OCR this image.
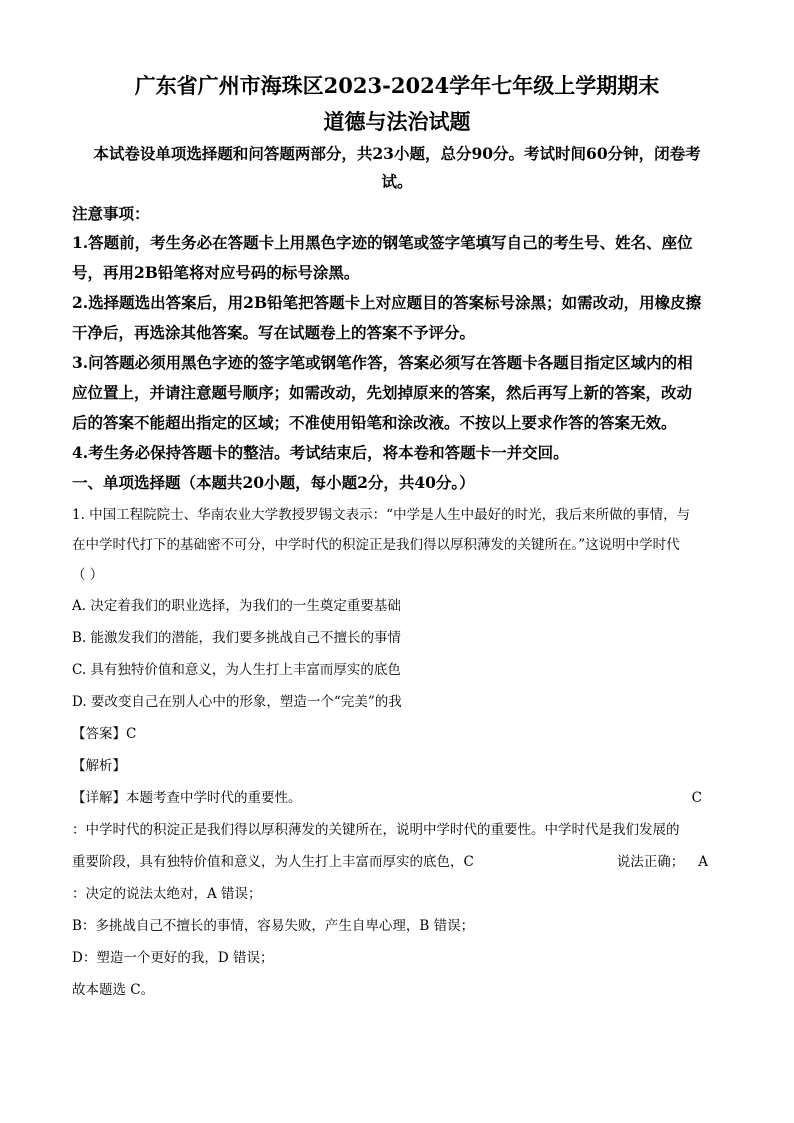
广东省广州市海珠区2023-2024学年七年级上学期期末
道德与法治试题
本试卷设单项选择题和问答题两部分，共23小题，总分90分。考试时间60分钟，闭卷考
试。
注意事项：
1.答题前，考生务必在答题卡上用黑色字迹的钢笔或签字笔填写自己的考生号、姓名、座位
号，再用2B铅笔将对应号码的标号涂黑。
2.选择题选出答案后，用2B铅笔把答题卡上对应题目的答案标号涂黑；如需改动，用橡皮擦
干净后，再选涂其他答案。写在试题卷上的答案不予评分。
3.问答题必须用黑色字迹的签字笔或钢笔作答，答案必须写在答题卡各题目指定区域内的相
应位置上，并请注意题号顺序；如需改动，先划掉原来的答案，然后再写上新的答案，改动
后的答案不能超出指定的区域；不准使用铅笔和涂改液。不按以上要求作答的答案无效。
4.考生务必保持答题卡的整洁。考试结束后，将本卷和答题卡一并交回。
一、单项选择题（本题共20小题，每小题2分，共40分。）
1. 中国工程院院士、华南农业大学教授罗锡文表示：“中学是人生中最好的时光，我后来所做的事情，与
在中学时代打下的基础密不可分，中学时代的积淀正是我们得以厚积薄发的关键所在。”这说明中学时代
（ ）
A. 决定着我们的职业选择，为我们的一生奠定重要基础
B. 能激发我们的潜能，我们要多挑战自己不擅长的事情
C. 具有独特价值和意义，为人生打上丰富而厚实的底色
D. 要改变自己在别人心中的形象，塑造一个“完美”的我
【答案】C
【解析】
【详解】本题考查中学时代的重要性。	C
：中学时代的积淀正是我们得以厚积薄发的关键所在，说明中学时代的重要性。中学时代是我们发展的
重要阶段，具有独特价值和意义，为人生打上丰富而厚实的底色，C	说法正确； A
：决定的说法太绝对，A 错误；
B：多挑战自己不擅长的事情，容易失败，产生自卑心理，B 错误；
D：塑造一个更好的我，D 错误；
故本题选 C。
